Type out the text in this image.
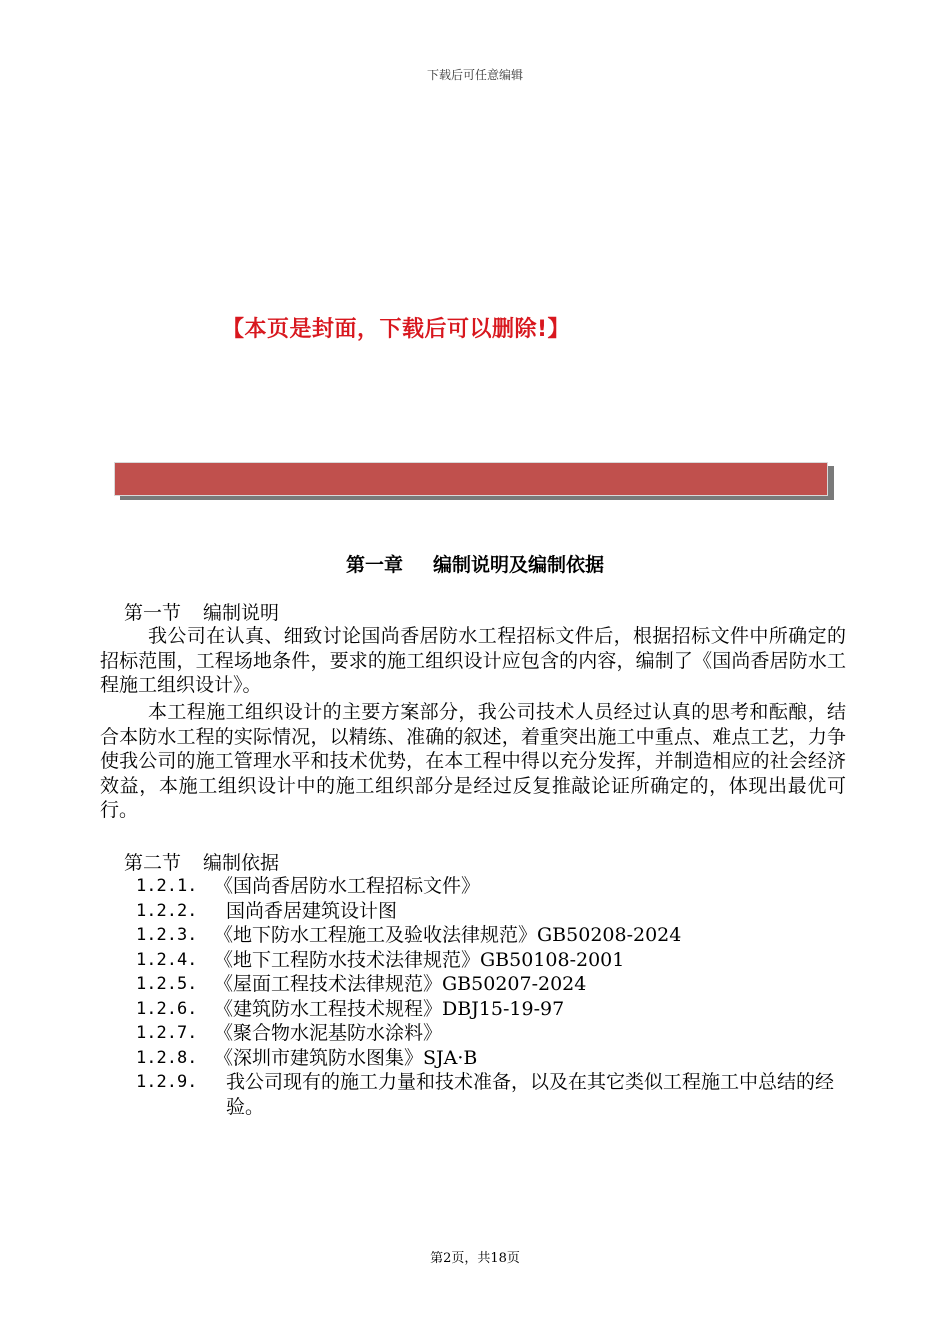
下载后可任意编辑
【本页是封面，下载后可以删除!】
第一章 编制说明及编制依据
第一节 编制说明

我公司在认真、细致讨论国尚香居防水工程招标文件后，根据招标文件中所确定的招标范围，工程场地条件，要求的施工组织设计应包含的内容，编制了《国尚香居防水工程施工组织设计》。

本工程施工组织设计的主要方案部分，我公司技术人员经过认真的思考和酝酿，结合本防水工程的实际情况，以精练、准确的叙述，着重突出施工中重点、难点工艺，力争使我公司的施工管理水平和技术优势，在本工程中得以充分发挥，并制造相应的社会经济效益，本施工组织设计中的施工组织部分是经过反复推敲论证所确定的，体现出最优可行。

第二节 编制依据
1.2.1. 《国尚香居防水工程招标文件》
1.2.2.	国尚香居建筑设计图
1.2.3. 《地下防水工程施工及验收法律规范》GB50208-2024
1.2.4. 《地下工程防水技术法律规范》GB50108-2001
1.2.5. 《屋面工程技术法律规范》GB50207-2024
1.2.6. 《建筑防水工程技术规程》DBJ15-19-97
1.2.7. 《聚合物水泥基防水涂料》
1.2.8. 《深圳市建筑防水图集》SJA·B
1.2.9.	我公司现有的施工力量和技术准备，以及在其它类似工程施工中总结的经验。
第2页，共18页
